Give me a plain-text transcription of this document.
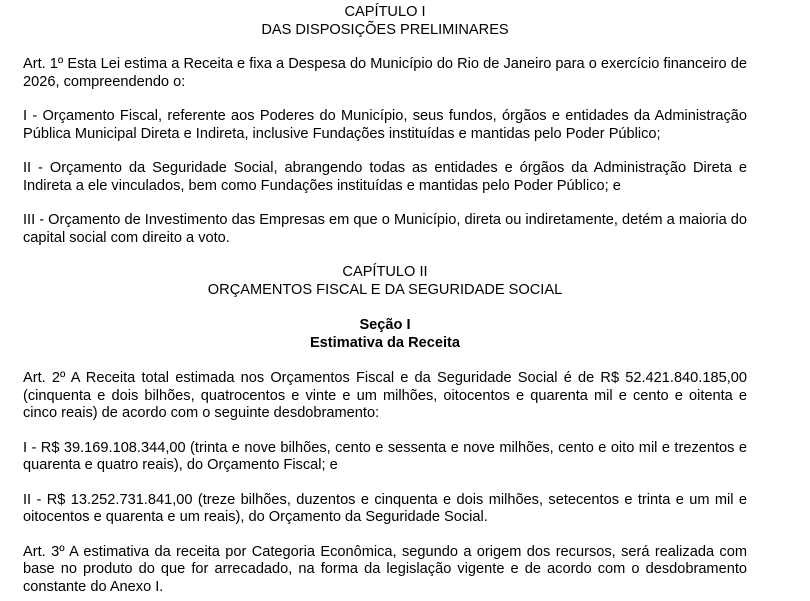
CAPÍTULO I
DAS DISPOSIÇÕES PRELIMINARES

Art. 1º Esta Lei estima a Receita e fixa a Despesa do Município do Rio de Janeiro para o exercício financeiro de 2026, compreendendo o:

I - Orçamento Fiscal, referente aos Poderes do Município, seus fundos, órgãos e entidades da Administração Pública Municipal Direta e Indireta, inclusive Fundações instituídas e mantidas pelo Poder Público;

II - Orçamento da Seguridade Social, abrangendo todas as entidades e órgãos da Administração Direta e Indireta a ele vinculados, bem como Fundações instituídas e mantidas pelo Poder Público; e

III - Orçamento de Investimento das Empresas em que o Município, direta ou indiretamente, detém a maioria do capital social com direito a voto.

CAPÍTULO II
ORÇAMENTOS FISCAL E DA SEGURIDADE SOCIAL
Seção I
Estimativa da Receita

Art. 2º A Receita total estimada nos Orçamentos Fiscal e da Seguridade Social é de R$ 52.421.840.185,00 (cinquenta e dois bilhões, quatrocentos e vinte e um milhões, oitocentos e quarenta mil e cento e oitenta e cinco reais) de acordo com o seguinte desdobramento:

I - R$ 39.169.108.344,00 (trinta e nove bilhões, cento e sessenta e nove milhões, cento e oito mil e trezentos e quarenta e quatro reais), do Orçamento Fiscal; e

II - R$ 13.252.731.841,00 (treze bilhões, duzentos e cinquenta e dois milhões, setecentos e trinta e um mil e oitocentos e quarenta e um reais), do Orçamento da Seguridade Social.

Art. 3º A estimativa da receita por Categoria Econômica, segundo a origem dos recursos, será realizada com base no produto do que for arrecadado, na forma da legislação vigente e de acordo com o desdobramento constante do Anexo I.
